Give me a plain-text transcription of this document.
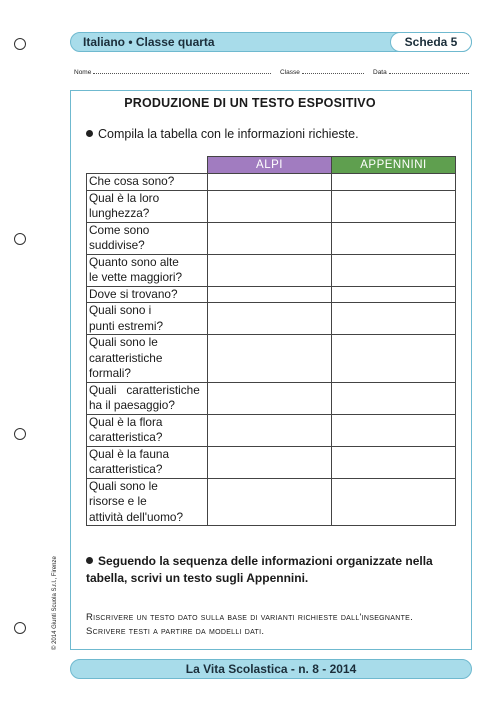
Italiano • Classe quarta	Scheda 5
Nome	Classe	Data
PRODUZIONE DI UN TESTO ESPOSITIVO
Compila la tabella con le informazioni richieste.
	ALPI	APPENNINI

Che cosa sono?		

Qual è la loro
lunghezza?		

Come sono
suddivise?		

Quanto sono alte
le vette maggiori?		

Dove si trovano?		

Quali sono i
punti estremi?		

Quali sono le
caratteristiche
formali?		

Quali   caratteristiche
ha il paesaggio?		

Qual è la flora
caratteristica?		

Qual è la fauna
caratteristica?		

Quali sono le
risorse e le
attività dell'uomo?		

Seguendo la sequenza delle informazioni organizzate nella tabella, scrivi un testo sugli Appennini.
Riscrivere un testo dato sulla base di varianti richieste dall'insegnante.
Scrivere testi a partire da modelli dati.
La Vita Scolastica - n. 8 - 2014
© 2014 Giunti Scuola S.r.l., Firenze
